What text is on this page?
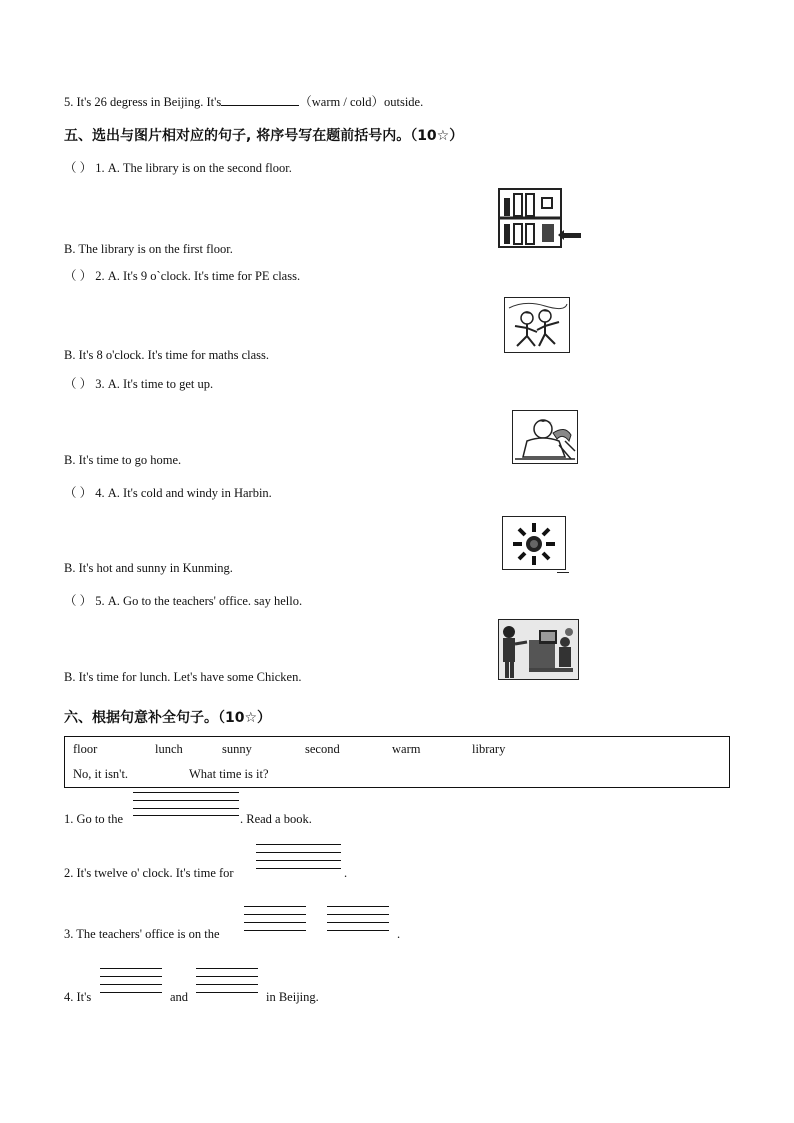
5. It's 26 degress in Beijing. It's	（warm / cold）outside.
五、选出与图片相对应的句子, 将序号写在题前括号内。（10☆）
（ ） 1. A. The library is on the second floor.
B. The library is on the first floor.
（ ） 2. A. It's 9 o`clock. It's time for PE class.
B. It's 8 o'clock. It's time for maths class.
（ ） 3. A. It's time to get up.
B. It's time to go home.
（ ） 4. A. It's cold and windy in Harbin.
B. It's hot and sunny in Kunming.
（ ） 5. A. Go to the teachers' office. say hello.
B. It's time for lunch. Let's have some Chicken.
六、根据句意补全句子。（10☆）
floor	lunch	sunny	second	warm	library
No, it isn't.	What time is it?
1. Go to the	. Read a book.
2. It's twelve o' clock. It's time for	.
3. The teachers' office is on the	.
4. It's	and	in Beijing.
